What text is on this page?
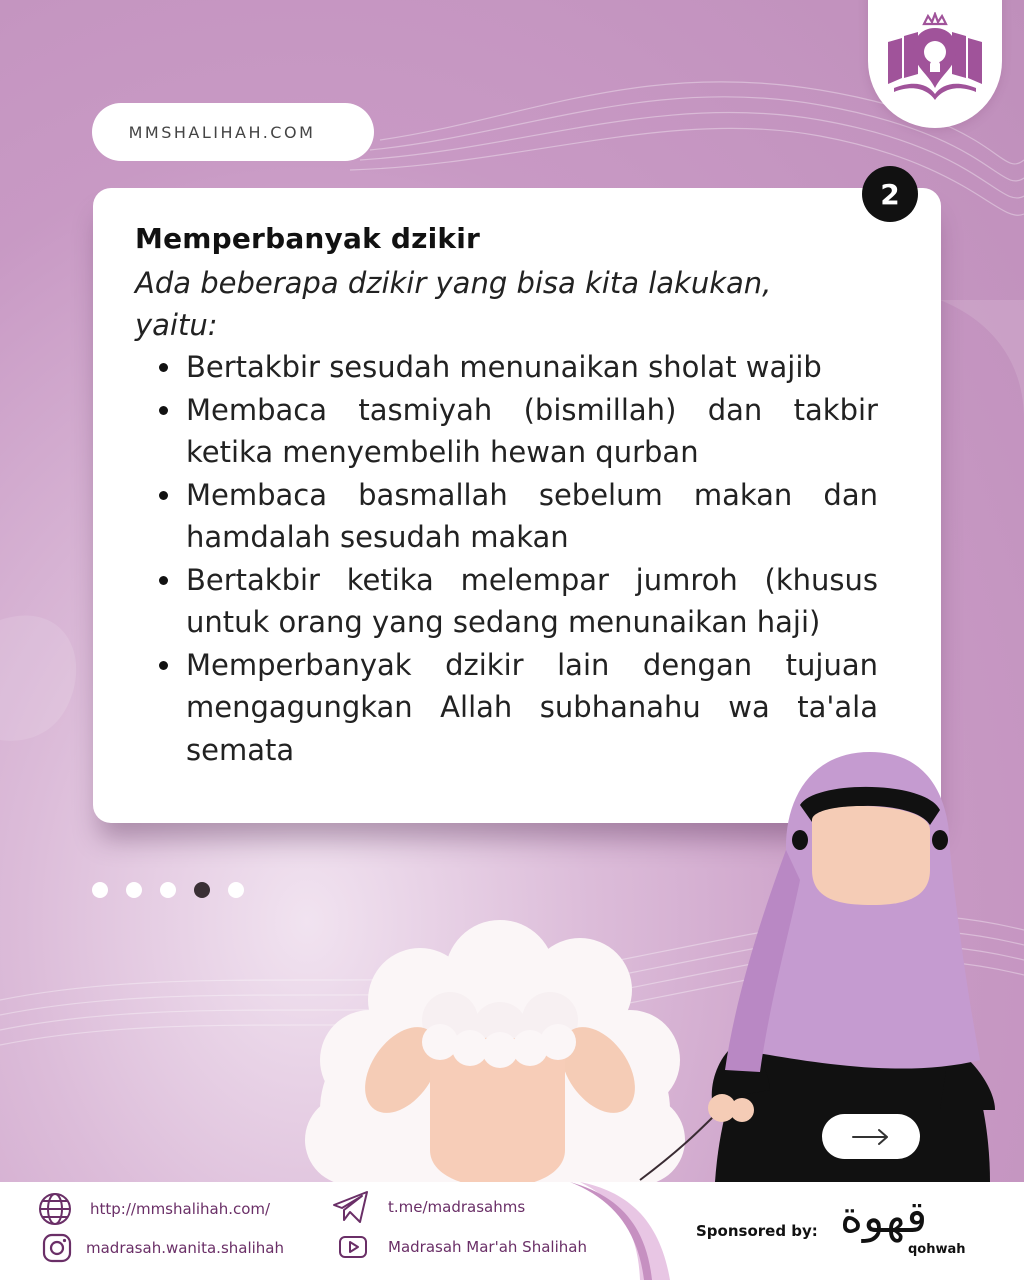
MMSHALIHAH.COM
2
Memperbanyak dzikir

Ada beberapa dzikir yang bisa kita lakukan, yaitu:

Bertakbir sesudah menunaikan sholat wajib
Membaca tasmiyah (bismillah) dan takbir ketika menyembelih hewan qurban
Membaca basmallah sebelum makan dan hamdalah sesudah makan
Bertakbir ketika melempar jumroh (khusus untuk orang yang sedang menunaikan haji)
Memperbanyak dzikir lain dengan tujuan mengagungkan Allah subhanahu wa ta'ala semata
http://mmshalihah.com/
madrasah.wanita.shalihah
t.me/madrasahms
Madrasah Mar'ah Shalihah
Sponsored by: قهوة
qohwah
